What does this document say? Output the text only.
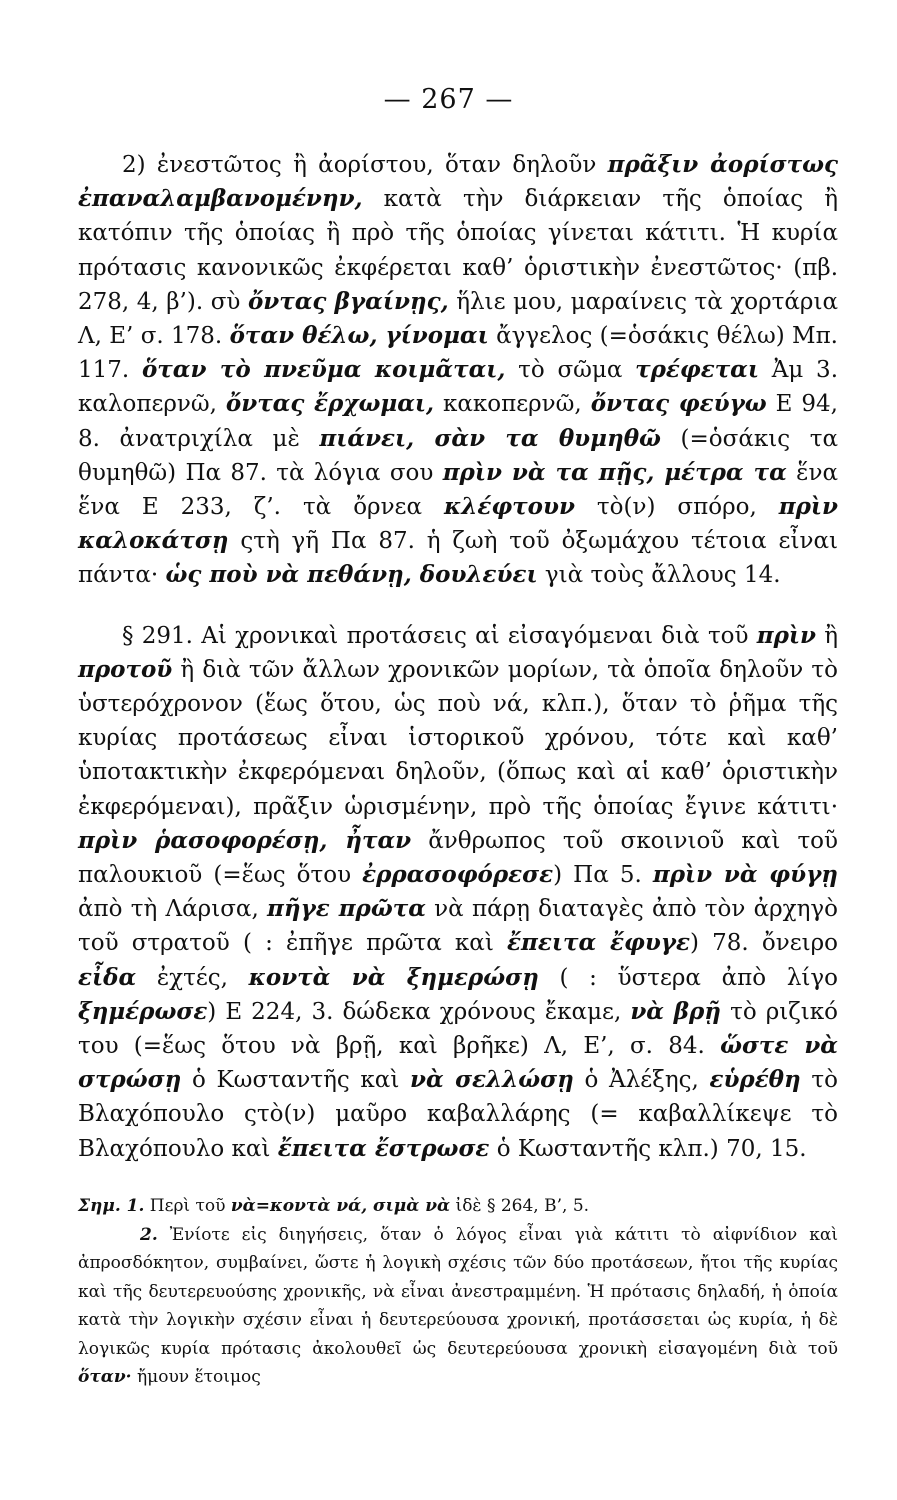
— 267 —

2) ἐνεστῶτος ἢ ἀορίστου, ὅταν δηλοῦν πρᾶξιν ἀορίστως ἐπαναλαμβανομένην, κατὰ τὴν διάρκειαν τῆς ὁποίας ἢ κατόπιν τῆς ὁποίας ἢ πρὸ τῆς ὁποίας γίνεται κάτιτι. Ἡ κυρία πρότασις κανονικῶς ἐκφέρεται καθ’ ὁριστικὴν ἐνεστῶτος· (πβ. 278, 4, β’). σὺ ὄντας βγαίνῃς, ἥλιε μου, μαραίνεις τὰ χορτάρια Λ, Ε’ σ. 178. ὅταν θέλω, γίνομαι ἄγγελος (=ὁσάκις θέλω) Μπ. 117. ὅταν τὸ πνεῦμα κοιμᾶται, τὸ σῶμα τρέφεται Ἀμ 3. καλοπερνῶ, ὄντας ἔρχωμαι, κακοπερνῶ, ὄντας φεύγω Ε 94, 8. ἀνατριχίλα μὲ πιάνει, σὰν τα θυμηθῶ (=ὁσάκις τα θυμηθῶ) Πα 87. τὰ λόγια σου πρὶν νὰ τα πῇς, μέτρα τα ἕνα ἕνα Ε 233, ζ’. τὰ ὄρνεα κλέφτουν τὸ(ν) σπόρο, πρὶν καλοκάτσῃ ςτὴ γῆ Πα 87. ἡ ζωὴ τοῦ ὀξωμάχου τέτοια εἶναι πάντα· ὡς ποὺ νὰ πεθάνῃ, δουλεύει γιὰ τοὺς ἄλλους 14.

§ 291. Αἱ χρονικαὶ προτάσεις αἱ εἰσαγόμεναι διὰ τοῦ πρὶν ἢ προτοῦ ἢ διὰ τῶν ἄλλων χρονικῶν μορίων, τὰ ὁποῖα δηλοῦν τὸ ὑστερόχρονον (ἕως ὅτου, ὡς ποὺ νά, κλπ.), ὅταν τὸ ῥῆμα τῆς κυρίας προτάσεως εἶναι ἱστορικοῦ χρόνου, τότε καὶ καθ’ ὑποτακτικὴν ἐκφερόμεναι δηλοῦν, (ὅπως καὶ αἱ καθ’ ὁριστικὴν ἐκφερόμεναι), πρᾶξιν ὡρισμένην, πρὸ τῆς ὁποίας ἔγινε κάτιτι· πρὶν ῥασοφορέσῃ, ἦταν ἄνθρωπος τοῦ σκοινιοῦ καὶ τοῦ παλουκιοῦ (=ἕως ὅτου ἐρρασοφόρεσε) Πα 5. πρὶν νὰ φύγῃ ἀπὸ τὴ Λάρισα, πῆγε πρῶτα νὰ πάρῃ διαταγὲς ἀπὸ τὸν ἀρχηγὸ τοῦ στρατοῦ ( : ἐπῆγε πρῶτα καὶ ἔπειτα ἔφυγε) 78. ὄνειρο εἶδα ἐχτές, κοντὰ νὰ ξημερώσῃ ( : ὕστερα ἀπὸ λίγο ξημέρωσε) Ε 224, 3. δώδεκα χρόνους ἔκαμε, νὰ βρῇ τὸ ριζικό του (=ἕως ὅτου νὰ βρῇ, καὶ βρῆκε) Λ, Ε’, σ. 84. ὥστε νὰ στρώσῃ ὁ Κωσταντῆς καὶ νὰ σελλώσῃ ὁ Ἀλέξης, εὑρέθη τὸ Βλαχόπουλο ςτὸ(ν) μαῦρο καβαλλάρης (= καβαλλίκεψε τὸ Βλαχόπουλο καὶ ἔπειτα ἔστρωσε ὁ Κωσταντῆς κλπ.) 70, 15.

Σημ. 1. Περὶ τοῦ νὰ=κοντὰ νά, σιμὰ νὰ ἰδὲ § 264, Β’, 5.

2. Ἐνίοτε εἰς διηγήσεις, ὅταν ὁ λόγος εἶναι γιὰ κάτιτι τὸ αἰφνίδιον καὶ ἀπροσδόκητον, συμβαίνει, ὥστε ἡ λογικὴ σχέσις τῶν δύο προτάσεων, ἤτοι τῆς κυρίας καὶ τῆς δευτερευούσης χρονικῆς, νὰ εἶναι ἀνεστραμμένη. Ἡ πρότασις δηλαδή, ἡ ὁποία κατὰ τὴν λογικὴν σχέσιν εἶναι ἡ δευτερεύουσα χρονική, προτάσσεται ὡς κυρία, ἡ δὲ λογικῶς κυρία πρότασις ἀκολουθεῖ ὡς δευτερεύουσα χρονικὴ εἰσαγομένη διὰ τοῦ ὅταν· ἤμουν ἕτοιμος
